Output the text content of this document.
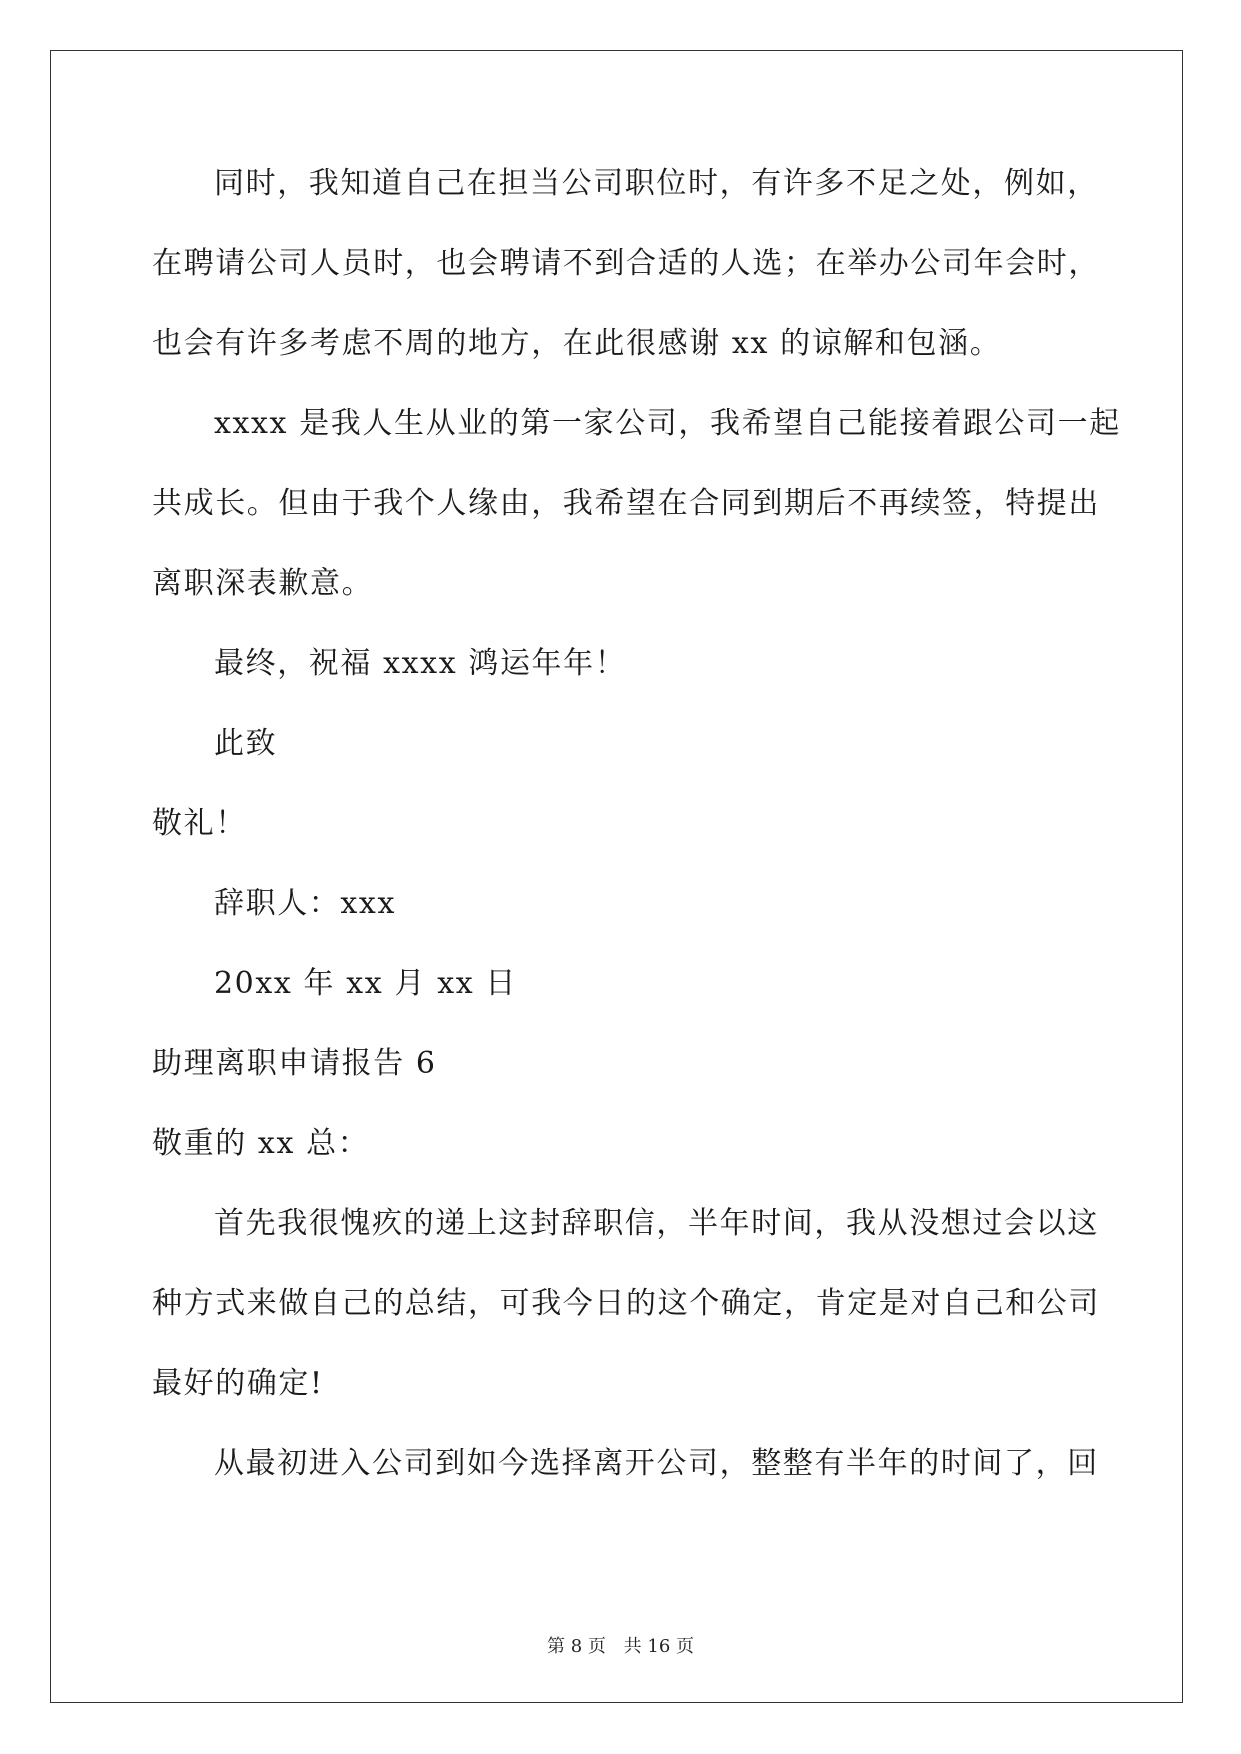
同时，我知道自己在担当公司职位时，有许多不足之处，例如，
在聘请公司人员时，也会聘请不到合适的人选；在举办公司年会时，
也会有许多考虑不周的地方，在此很感谢 xx 的谅解和包涵。
xxxx 是我人生从业的第一家公司，我希望自己能接着跟公司一起
共成长。但由于我个人缘由，我希望在合同到期后不再续签，特提出
离职深表歉意。
最终，祝福 xxxx 鸿运年年！
此致
敬礼！
辞职人：xxx
20xx 年 xx 月 xx 日
助理离职申请报告 6
敬重的 xx 总：
首先我很愧疚的递上这封辞职信，半年时间，我从没想过会以这
种方式来做自己的总结，可我今日的这个确定，肯定是对自己和公司
最好的确定!
从最初进入公司到如今选择离开公司，整整有半年的时间了，回
第 8 页 共 16 页
